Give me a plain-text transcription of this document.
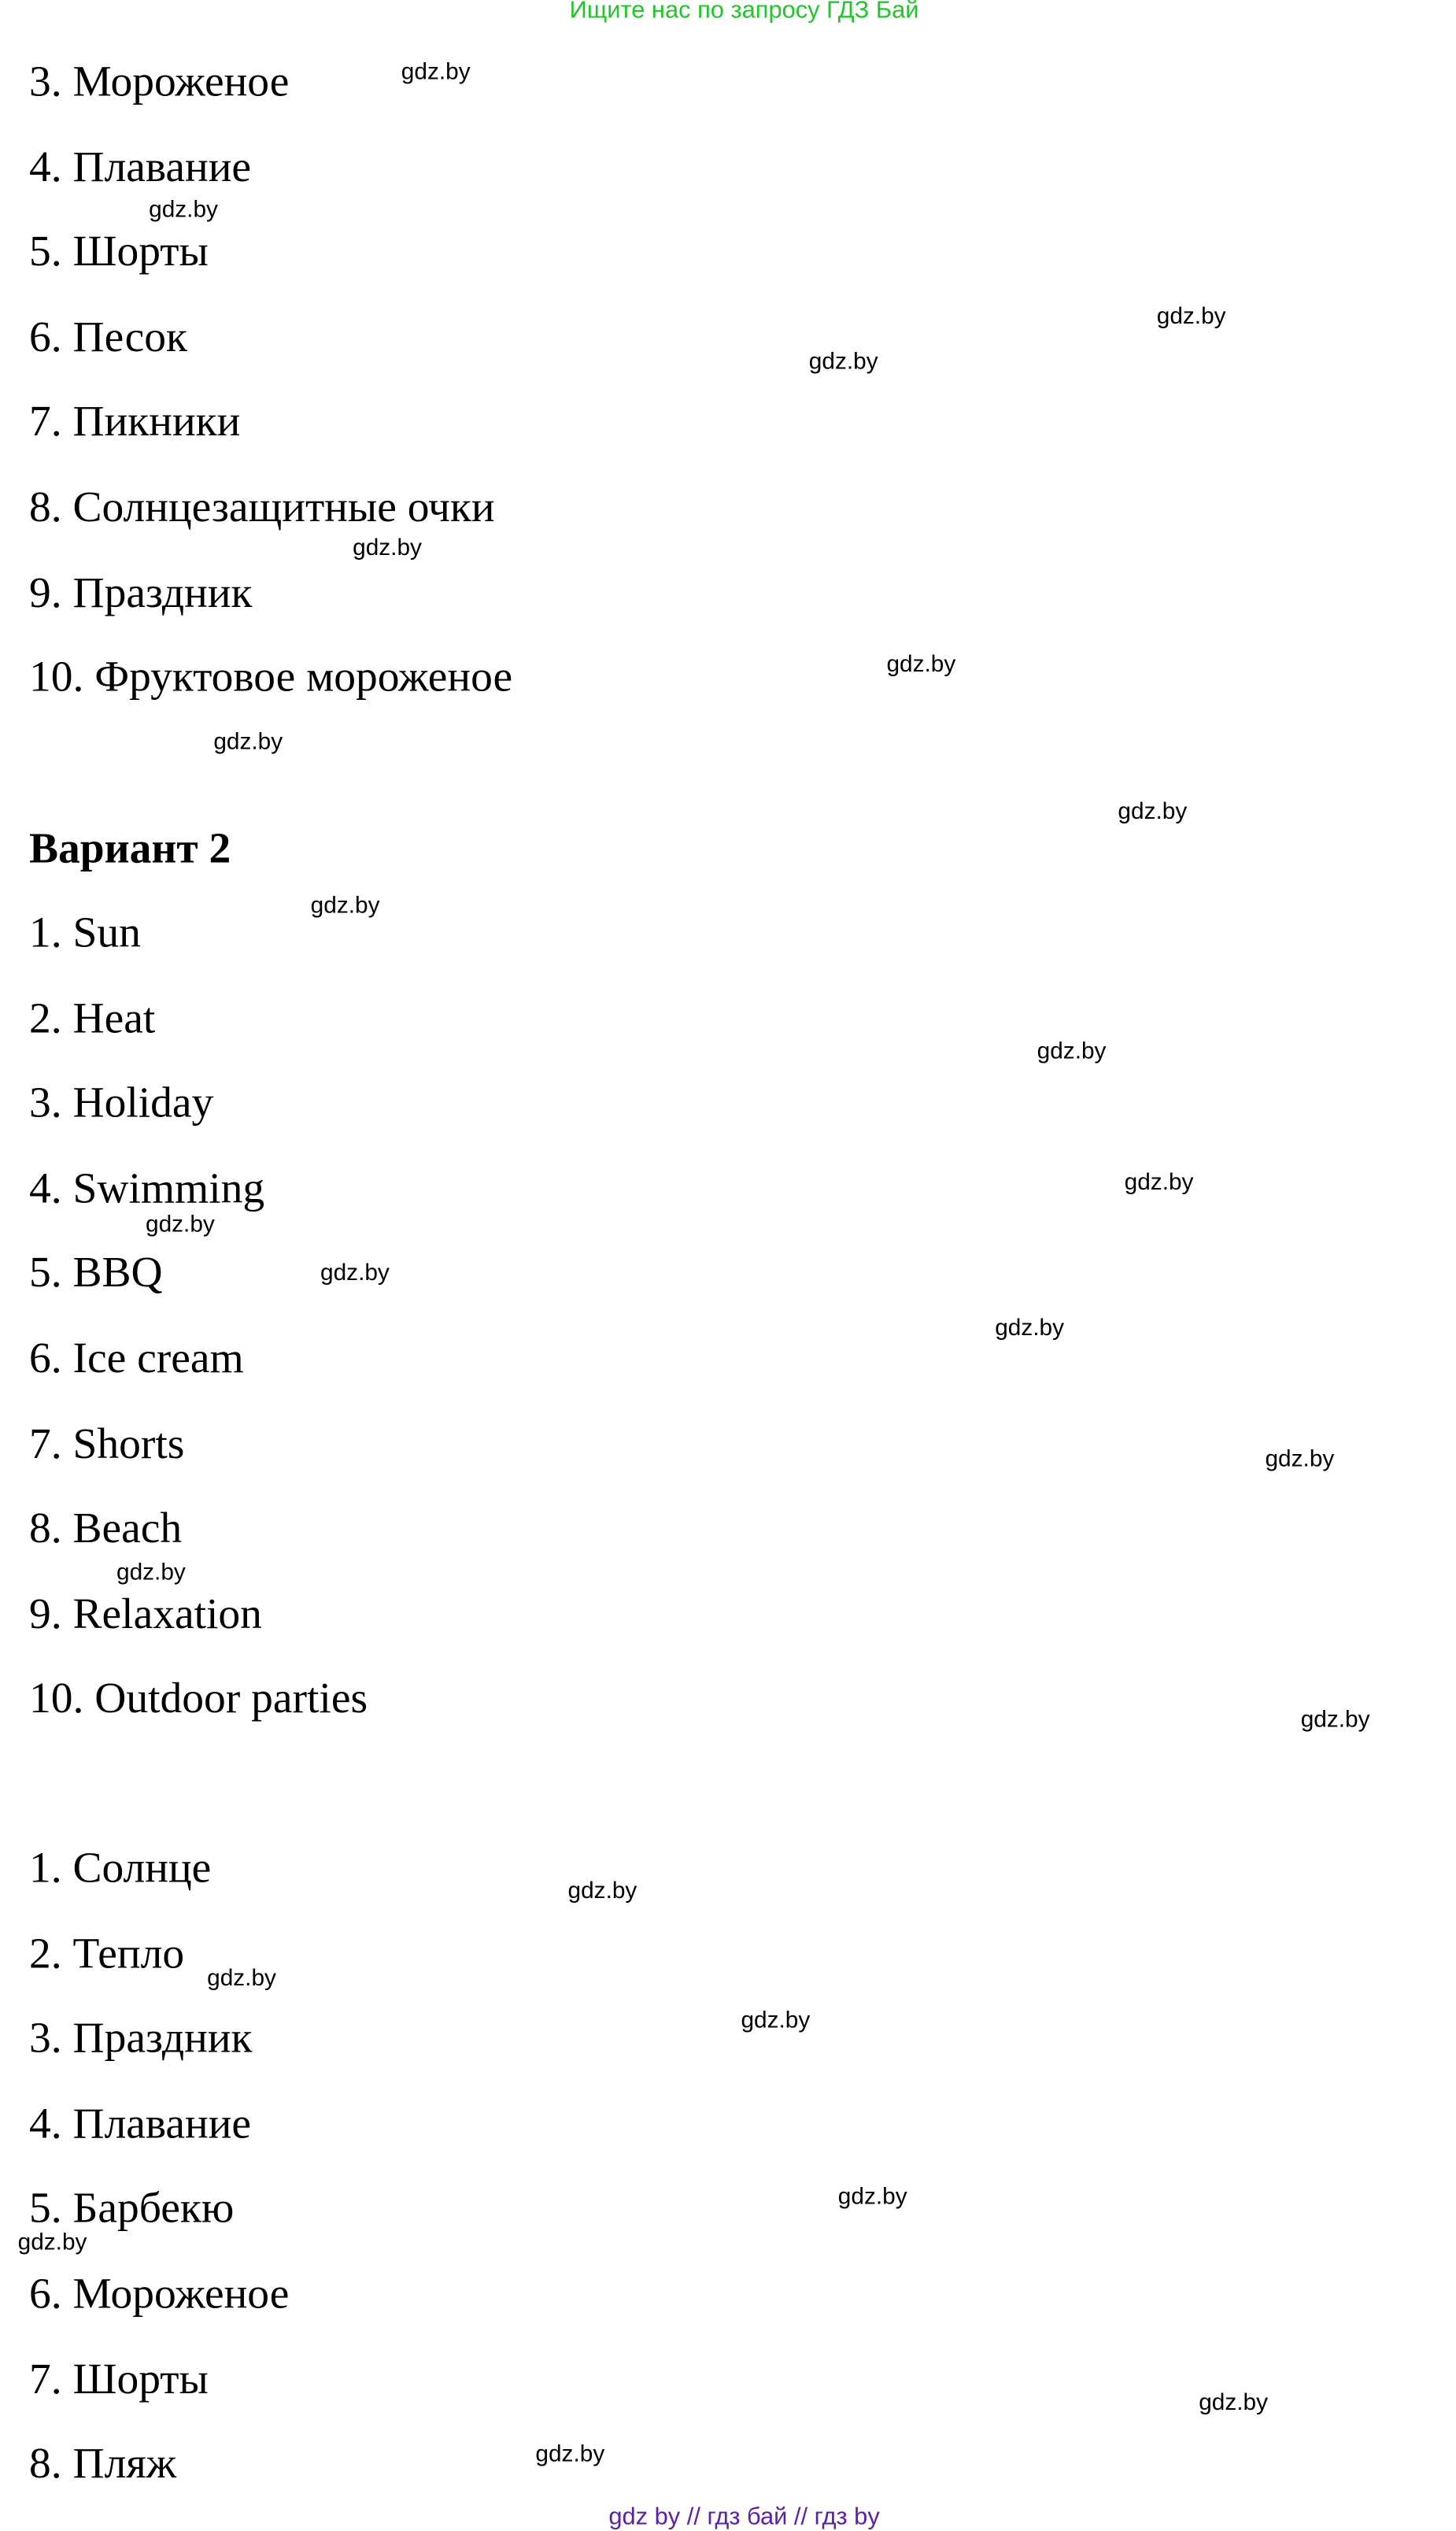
Ищите нас по запросу ГДЗ Бай
gdz by // гдз бай // гдз by
3. Мороженое
4. Плавание
5. Шорты
6. Песок
7. Пикники
8. Солнцезащитные очки
9. Праздник
10. Фруктовое мороженое
Вариант 2
1. Sun
2. Heat
3. Holiday
4. Swimming
5. BBQ
6. Ice cream
7. Shorts
8. Beach
9. Relaxation
10. Outdoor parties
1. Солнце
2. Тепло
3. Праздник
4. Плавание
5. Барбекю
6. Мороженое
7. Шорты
8. Пляж
gdz.by
gdz.by
gdz.by
gdz.by
gdz.by
gdz.by
gdz.by
gdz.by
gdz.by
gdz.by
gdz.by
gdz.by
gdz.by
gdz.by
gdz.by
gdz.by
gdz.by
gdz.by
gdz.by
gdz.by
gdz.by
gdz.by
gdz.by
gdz.by
